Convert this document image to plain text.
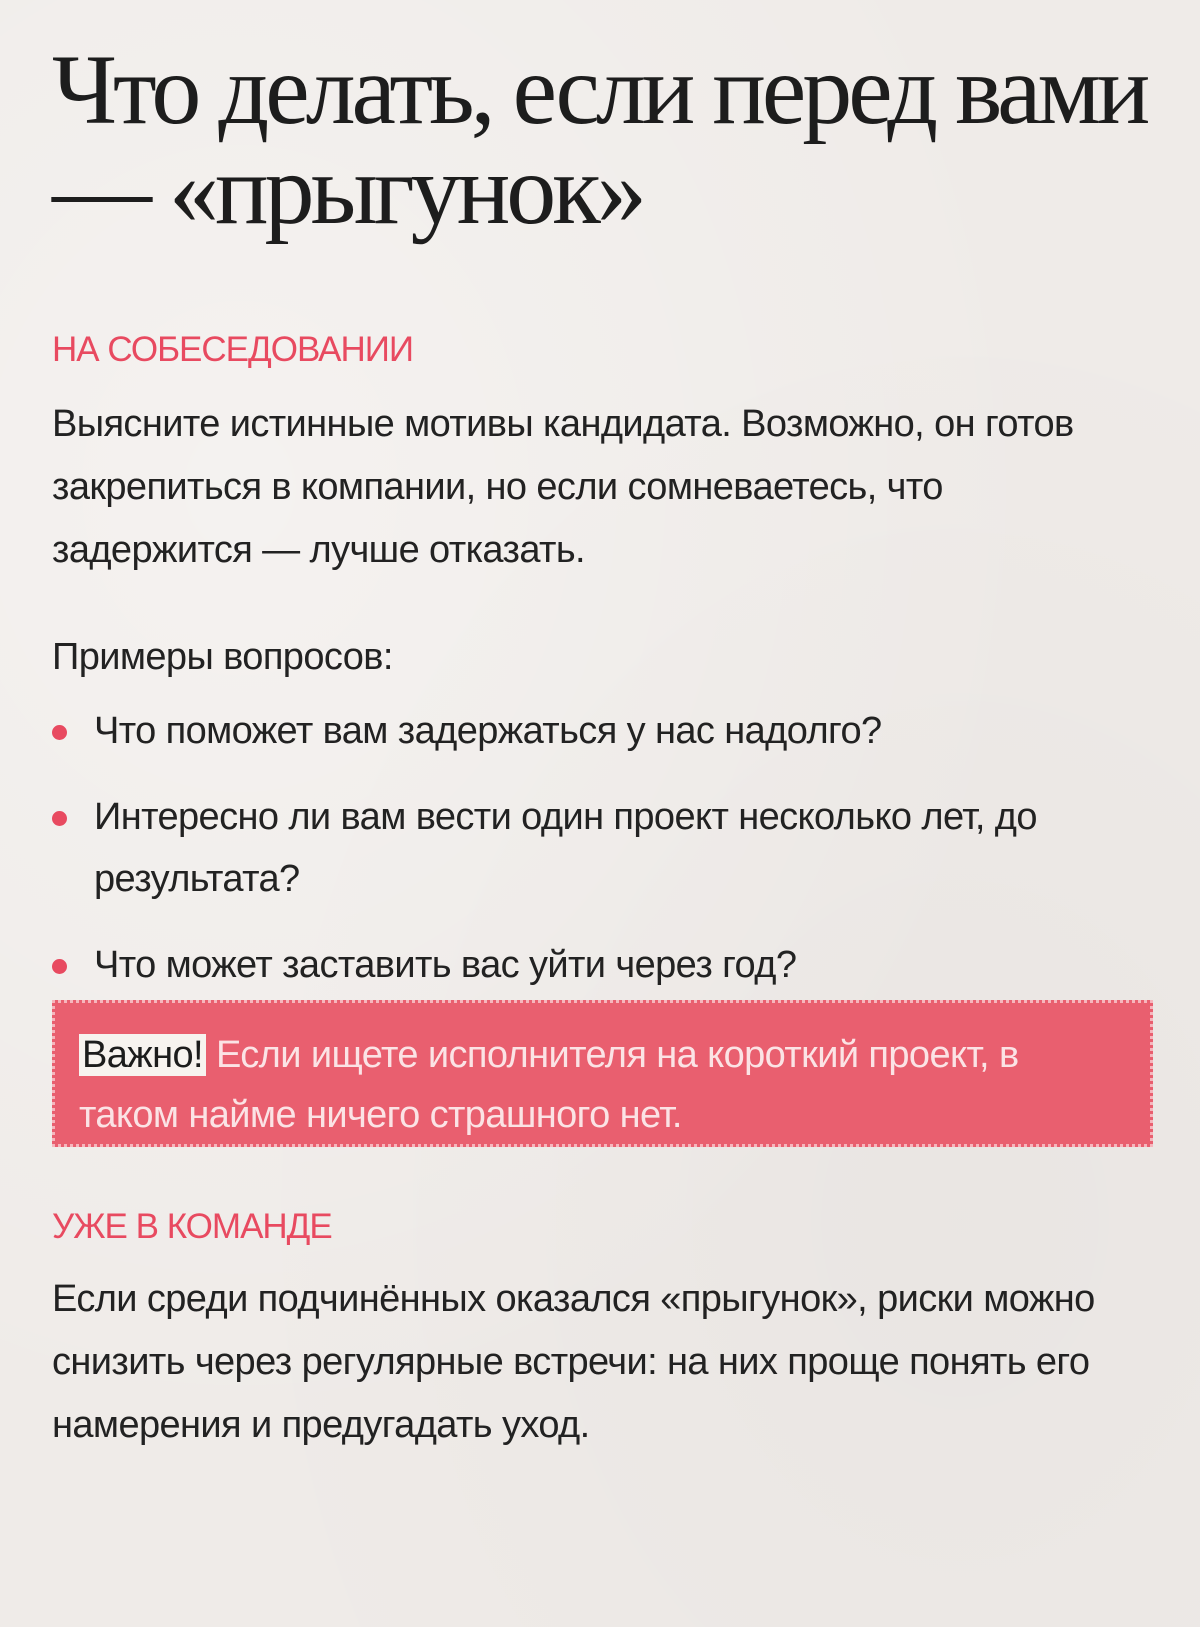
Что делать, если перед вами — «прыгунок»
НА СОБЕСЕДОВАНИИ

Выясните истинные мотивы кандидата. Возможно, он готов закрепиться в компании, но если сомневаетесь, что задержится — лучше отказать.

Примеры вопросов:
Что поможет вам задержаться у нас надолго?
Интересно ли вам вести один проект несколько лет, до результата?
Что может заставить вас уйти через год?
Важно! Если ищете исполнителя на короткий проект, в таком найме ничего страшного нет.
УЖЕ В КОМАНДЕ

Если среди подчинённых оказался «прыгунок», риски можно снизить через регулярные встречи: на них проще понять его намерения и предугадать уход.
